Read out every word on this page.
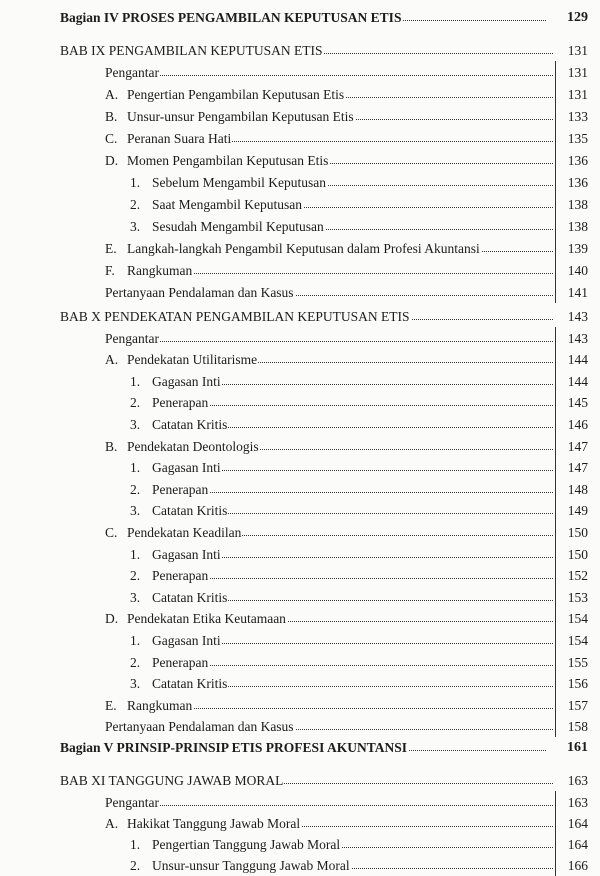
Bagian IV PROSES PENGAMBILAN KEPUTUSAN ETIS	129
BAB IX PENGAMBILAN KEPUTUSAN ETIS	131
Pengantar	131
A. Pengertian Pengambilan Keputusan Etis	131
B. Unsur-unsur Pengambilan Keputusan Etis	133
C. Peranan Suara Hati	135
D. Momen Pengambilan Keputusan Etis	136
1. Sebelum Mengambil Keputusan	136
2. Saat Mengambil Keputusan	138
3. Sesudah Mengambil Keputusan	138
E. Langkah-langkah Pengambil Keputusan dalam Profesi Akuntansi	139
F. Rangkuman	140
Pertanyaan Pendalaman dan Kasus	141
BAB X PENDEKATAN PENGAMBILAN KEPUTUSAN ETIS	143
Pengantar	143
A. Pendekatan Utilitarisme	144
1. Gagasan Inti	144
2. Penerapan	145
3. Catatan Kritis	146
B. Pendekatan Deontologis	147
1. Gagasan Inti	147
2. Penerapan	148
3. Catatan Kritis	149
C. Pendekatan Keadilan	150
1. Gagasan Inti	150
2. Penerapan	152
3. Catatan Kritis	153
D. Pendekatan Etika Keutamaan	154
1. Gagasan Inti	154
2. Penerapan	155
3. Catatan Kritis	156
E. Rangkuman	157
Pertanyaan Pendalaman dan Kasus	158
Bagian V PRINSIP-PRINSIP ETIS PROFESI AKUNTANSI	161
BAB XI TANGGUNG JAWAB MORAL	163
Pengantar	163
A. Hakikat Tanggung Jawab Moral	164
1. Pengertian Tanggung Jawab Moral	164
2. Unsur-unsur Tanggung Jawab Moral	166
